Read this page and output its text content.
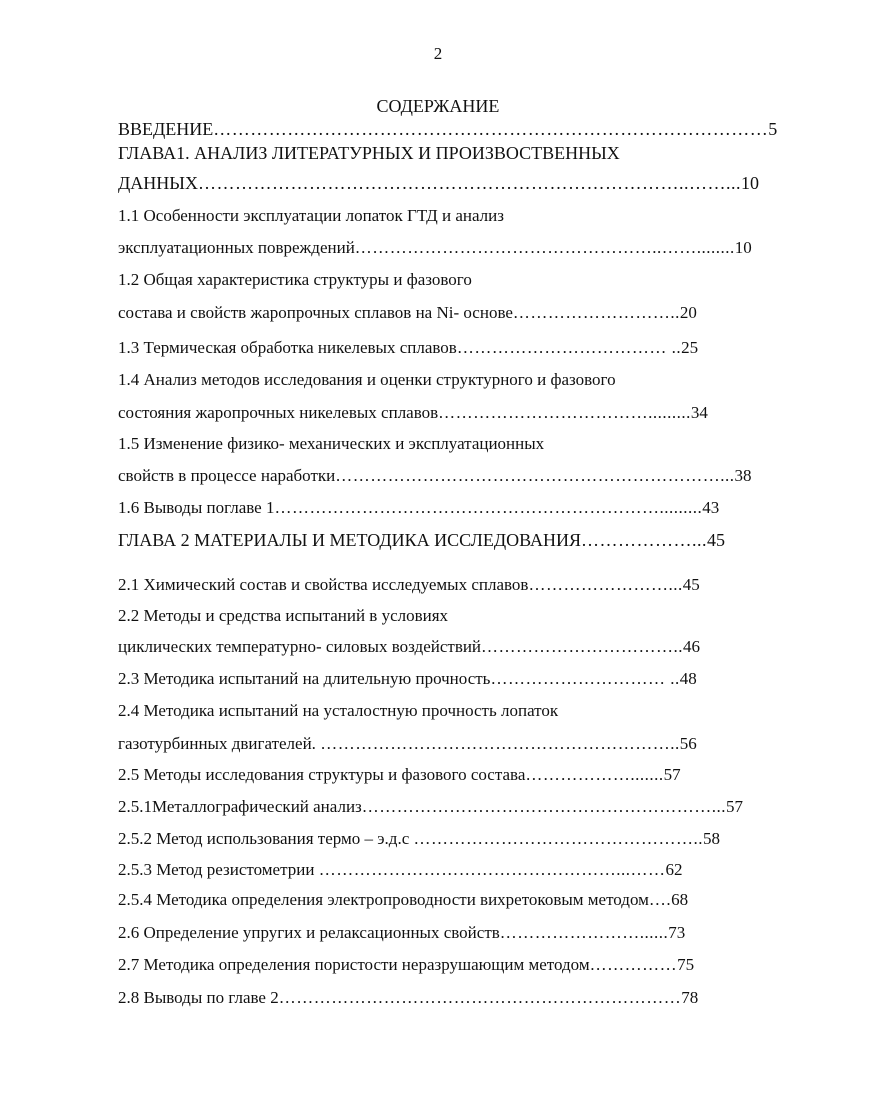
2
СОДЕРЖАНИЕ
ВВЕДЕНИЕ………………………………………………………………………………5
ГЛАВА1. АНАЛИЗ ЛИТЕРАТУРНЫХ И ПРОИЗВОСТВЕННЫХ
ДАННЫХ……………………………………………………………………..……...10
1.1 Особенности эксплуатации лопаток ГТД и анализ
эксплуатационных повреждений……………………………………………..……........10
1.2 Общая характеристика структуры и фазового
состава и свойств жаропрочных сплавов на Ni- основе………………………..20
1.3 Термическая обработка никелевых сплавов……………………………… ..25
1.4 Анализ методов исследования и оценки структурного и фазового
состояния жаропрочных никелевых сплавов……………………………….........34
1.5 Изменение физико- механических и эксплуатационных
свойств в процессе наработки…………………………………………………………...38
1.6 Выводы поглаве 1………………………………………………………….........43
ГЛАВА 2 МАТЕРИАЛЫ И МЕТОДИКА ИССЛЕДОВАНИЯ………………...45
2.1 Химический состав и свойства исследуемых сплавов……………………...45
2.2 Методы и средства испытаний в условиях
циклических температурно- силовых воздействий……………………………..46
2.3 Методика испытаний на длительную прочность………………………… ..48
2.4 Методика испытаний на усталостную прочность лопаток
газотурбинных двигателей. ……………………………………………………..56
2.5 Методы исследования структуры и фазового состава……………….......57
2.5.1Металлографический анализ……………………………………………………...57
2.5.2 Метод использования термо – э.д.с …………………………………………..58
2.5.3 Метод резистометрии ……………………………………………...……62
2.5.4 Методика определения электропроводности вихретоковым методом….68
2.6 Определение упругих и релаксационных свойств……………………......73
2.7 Методика определения пористости неразрушающим методом……………75
2.8 Выводы по главе 2……………………………………………………………78
